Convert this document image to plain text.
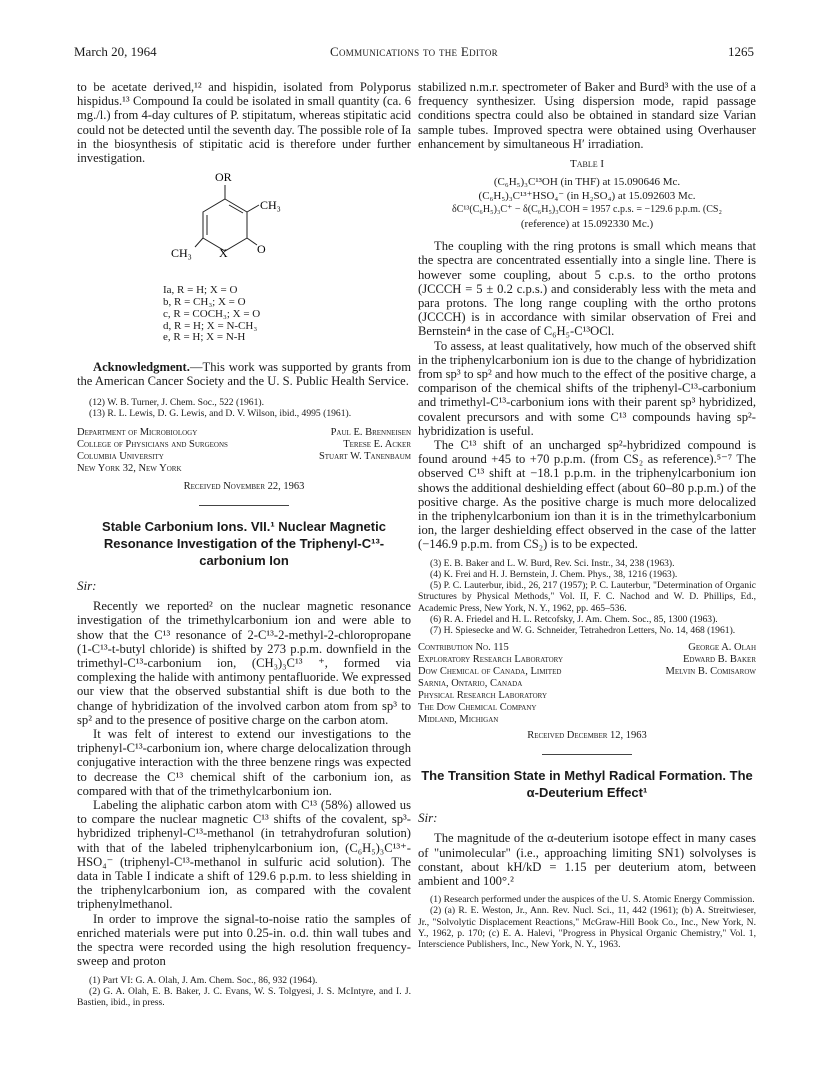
March 20, 1964	Communications to the Editor	1265

to be acetate derived,¹² and hispidin, isolated from Polyporus hispidus.¹³ Compound Ia could be isolated in small quantity (ca. 6 mg./l.) from 4-day cultures of P. stipitatum, whereas stipitatic acid could not be detected until the seventh day. The possible role of Ia in the biosynthesis of stipitatic acid is therefore under further investigation.

OR
CH₃
O
X
CH₃
Ia, R = H; X = O
b, R = CH₃; X = O
c, R = COCH₃; X = O
d, R = H; X = N-CH₃
e, R = H; X = N-H

Acknowledgment.—This work was supported by grants from the American Cancer Society and the U. S. Public Health Service.

(12) W. B. Turner, J. Chem. Soc., 522 (1961).

(13) R. L. Lewis, D. G. Lewis, and D. V. Wilson, ibid., 4995 (1961).

Department of Microbiology	Paul E. Brenneisen
College of Physicians and Surgeons	Terese E. Acker
Columbia University	Stuart W. Tanenbaum
New York 32, New York
Received November 22, 1963
Stable Carbonium Ions. VII.¹ Nuclear Magnetic Resonance Investigation of the Triphenyl-C¹³-carbonium Ion
Sir:

Recently we reported² on the nuclear magnetic resonance investigation of the trimethylcarbonium ion and were able to show that the C¹³ resonance of 2-C¹³-2-methyl-2-chloropropane (1-C¹³-t-butyl chloride) is shifted by 273 p.p.m. downfield in the trimethyl-C¹³-carbonium ion, (CH₃)₃C¹³ ⁺, formed via complexing the halide with antimony pentafluoride. We expressed our view that the observed substantial shift is due both to the change of hybridization of the involved carbon atom from sp³ to sp² and to the presence of positive charge on the carbon atom.

It was felt of interest to extend our investigations to the triphenyl-C¹³-carbonium ion, where charge delocalization through conjugative interaction with the three benzene rings was expected to decrease the C¹³ chemical shift of the carbonium ion, as compared with that of the trimethylcarbonium ion.

Labeling the aliphatic carbon atom with C¹³ (58%) allowed us to compare the nuclear magnetic C¹³ shifts of the covalent, sp³-hybridized triphenyl-C¹³-methanol (in tetrahydrofuran solution) with that of the labeled triphenylcarbonium ion, (C₆H₅)₃C¹³⁺-HSO₄⁻ (triphenyl-C¹³-methanol in sulfuric acid solution). The data in Table I indicate a shift of 129.6 p.p.m. to less shielding in the triphenylcarbonium ion, as compared with the covalent triphenylmethanol.

In order to improve the signal-to-noise ratio the samples of enriched materials were put into 0.25-in. o.d. thin wall tubes and the spectra were recorded using the high resolution frequency-sweep and proton

(1) Part VI: G. A. Olah, J. Am. Chem. Soc., 86, 932 (1964).

(2) G. A. Olah, E. B. Baker, J. C. Evans, W. S. Tolgyesi, J. S. McIntyre, and I. J. Bastien, ibid., in press.

stabilized n.m.r. spectrometer of Baker and Burd³ with the use of a frequency synthesizer. Using dispersion mode, rapid passage conditions spectra could also be obtained in standard size Varian sample tubes. Improved spectra were obtained using Overhauser enhancement by simultaneous H′ irradiation.

Table I
(C₆H₅)₃C¹³OH (in THF) at 15.090646 Mc.
(C₆H₅)₃C¹³⁺HSO₄⁻ (in H₂SO₄) at 15.092603 Mc.
δC¹³(C₆H₅)₃C⁺ − δ(C₆H₅)₃COH = 1957 c.p.s. = −129.6 p.p.m. (CS₂
(reference) at 15.092330 Mc.)

The coupling with the ring protons is small which means that the spectra are concentrated essentially into a single line. There is however some coupling, about 5 c.p.s. to the ortho protons (JCCCH = 5 ± 0.2 c.p.s.) and considerably less with the meta and para protons. The long range coupling with the ortho protons (JCCCH) is in accordance with similar observation of Frei and Bernstein⁴ in the case of C₆H₅-C¹³OCl.

To assess, at least qualitatively, how much of the observed shift in the triphenylcarbonium ion is due to the change of hybridization from sp³ to sp² and how much to the effect of the positive charge, a comparison of the chemical shifts of the triphenyl-C¹³-carbonium and trimethyl-C¹³-carbonium ions with their parent sp³ hybridized, covalent precursors and with some C¹³ compounds having sp²-hybridization is useful.

The C¹³ shift of an uncharged sp²-hybridized compound is found around +45 to +70 p.p.m. (from CS₂ as reference).⁵⁻⁷ The observed C¹³ shift at −18.1 p.p.m. in the triphenylcarbonium ion shows the additional deshielding effect (about 60–80 p.p.m.) of the positive charge. As the positive charge is much more delocalized in the triphenylcarbonium ion than it is in the trimethylcarbonium ion, the larger deshielding effect observed in the case of the latter (−146.9 p.p.m. from CS₂) is to be expected.

(3) E. B. Baker and L. W. Burd, Rev. Sci. Instr., 34, 238 (1963).

(4) K. Frei and H. J. Bernstein, J. Chem. Phys., 38, 1216 (1963).

(5) P. C. Lauterbur, ibid., 26, 217 (1957); P. C. Lauterbur, "Determination of Organic Structures by Physical Methods," Vol. II, F. C. Nachod and W. D. Phillips, Ed., Academic Press, New York, N. Y., 1962, pp. 465–536.

(6) R. A. Friedel and H. L. Retcofsky, J. Am. Chem. Soc., 85, 1300 (1963).

(7) H. Spiesecke and W. G. Schneider, Tetrahedron Letters, No. 14, 468 (1961).

Contribution No. 115	George A. Olah
Exploratory Research Laboratory	Edward B. Baker
Dow Chemical of Canada, Limited	Melvin B. Comisarow
Sarnia, Ontario, Canada
Physical Research Laboratory
The Dow Chemical Company
Midland, Michigan
Received December 12, 1963
The Transition State in Methyl Radical Formation. The α-Deuterium Effect¹
Sir:

The magnitude of the α-deuterium isotope effect in many cases of "unimolecular" (i.e., approaching limiting SN1) solvolyses is constant, about kH/kD = 1.15 per deuterium atom, between ambient and 100°.²

(1) Research performed under the auspices of the U. S. Atomic Energy Commission.

(2) (a) R. E. Weston, Jr., Ann. Rev. Nucl. Sci., 11, 442 (1961); (b) A. Streitwieser, Jr., "Solvolytic Displacement Reactions," McGraw-Hill Book Co., Inc., New York, N. Y., 1962, p. 170; (c) E. A. Halevi, "Progress in Physical Organic Chemistry," Vol. 1, Interscience Publishers, Inc., New York, N. Y., 1963.
